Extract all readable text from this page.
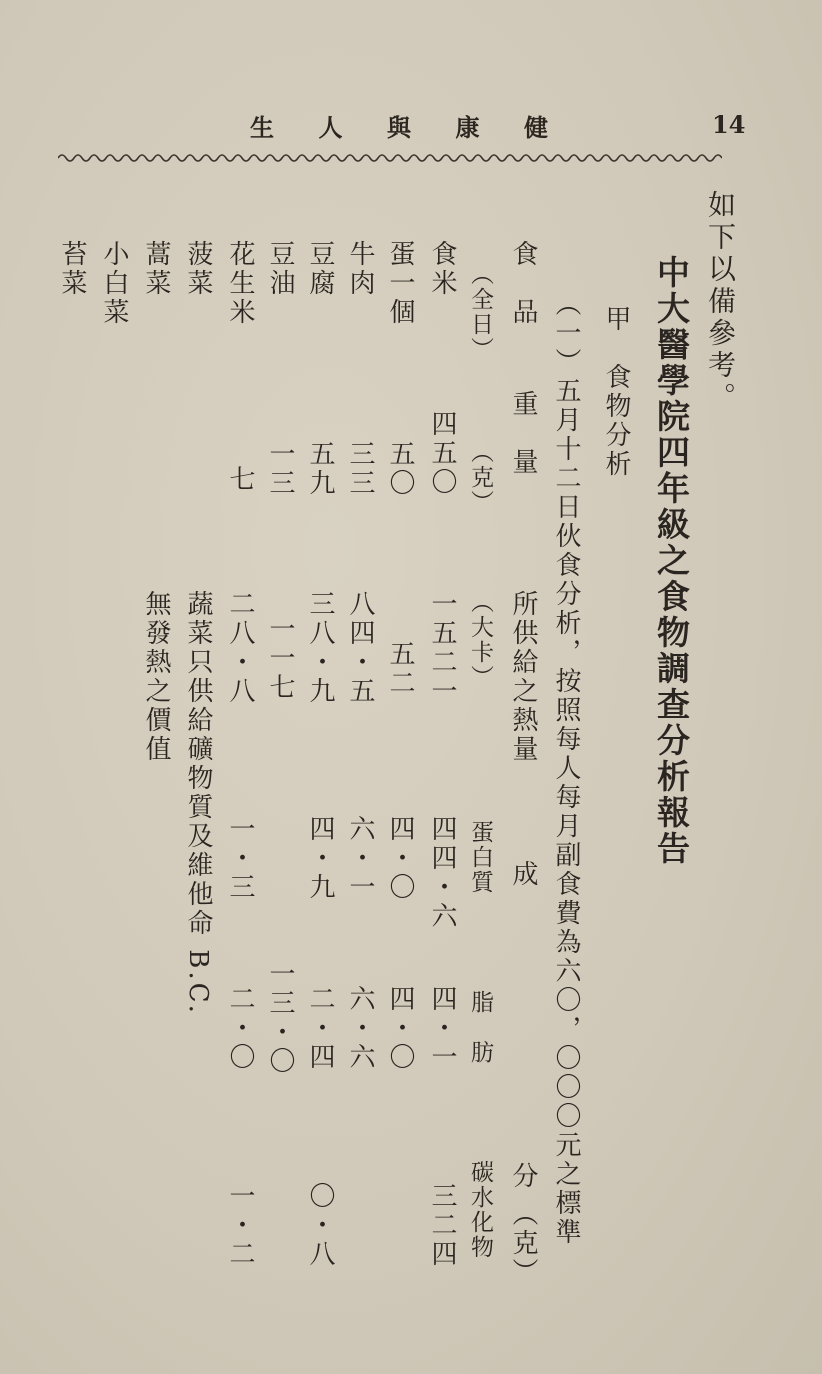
生 人 與 康 健	14
如下以備參考。
中大醫學院四年級之食物調查分析報告
甲　食物分析
（一）五月十二日伙食分析，按照每人每月副食費為六〇，〇〇〇元之標準
食　品
重　量
所供給之熱量
成
分
（克）
（全日）
（克）
（大卡）
蛋白質
脂　肪
碳水化物
食米
四五〇
一五二一
四四・六
四・一
三二四
蛋一個
五〇
五二
四・〇
四・〇
牛肉
三三
八四・五
六・一
六・六
豆腐
五九
三八・九
四・九
二・四
〇・八
豆油
一三
一一七
一三・〇
花生米
七
二八・八
一・三
二・〇
一・二
菠菜
蔬菜只供給礦物質及維他命 B.C.
蒿菜
無發熱之價值
小白菜
苔菜
